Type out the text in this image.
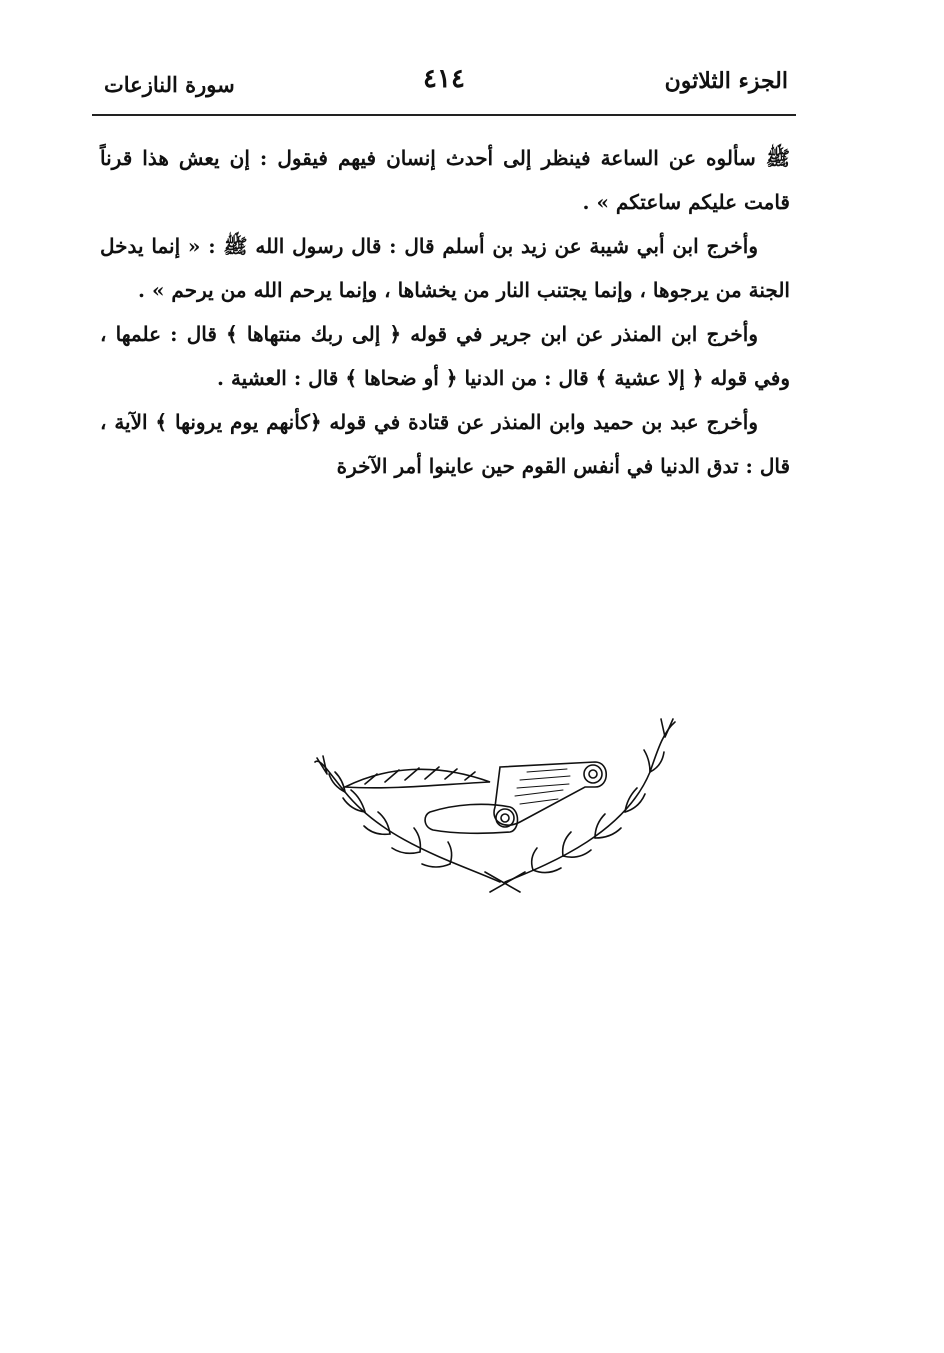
الجزء الثلاثون
٤١٤
سورة النازعات

ﷺ سألوه عن الساعة فينظر إلى أحدث إنسان فيهم فيقول : إن يعش هذا قرناً قامت عليكم ساعتكم » .

وأخرج ابن أبي شيبة عن زيد بن أسلم قال : قال رسول الله ﷺ : « إنما يدخل الجنة من يرجوها ، وإنما يجتنب النار من يخشاها ، وإنما يرحم الله من يرحم » .

وأخرج ابن المنذر عن ابن جرير في قوله ﴿ إلى ربك منتهاها ﴾ قال : علمها ، وفي قوله ﴿ إلا عشية ﴾ قال : من الدنيا ﴿ أو ضحاها ﴾ قال : العشية .

وأخرج عبد بن حميد وابن المنذر عن قتادة في قوله ﴿كأنهم يوم يرونها ﴾ الآية ، قال : تدق الدنيا في أنفس القوم حين عاينوا أمر الآخرة
